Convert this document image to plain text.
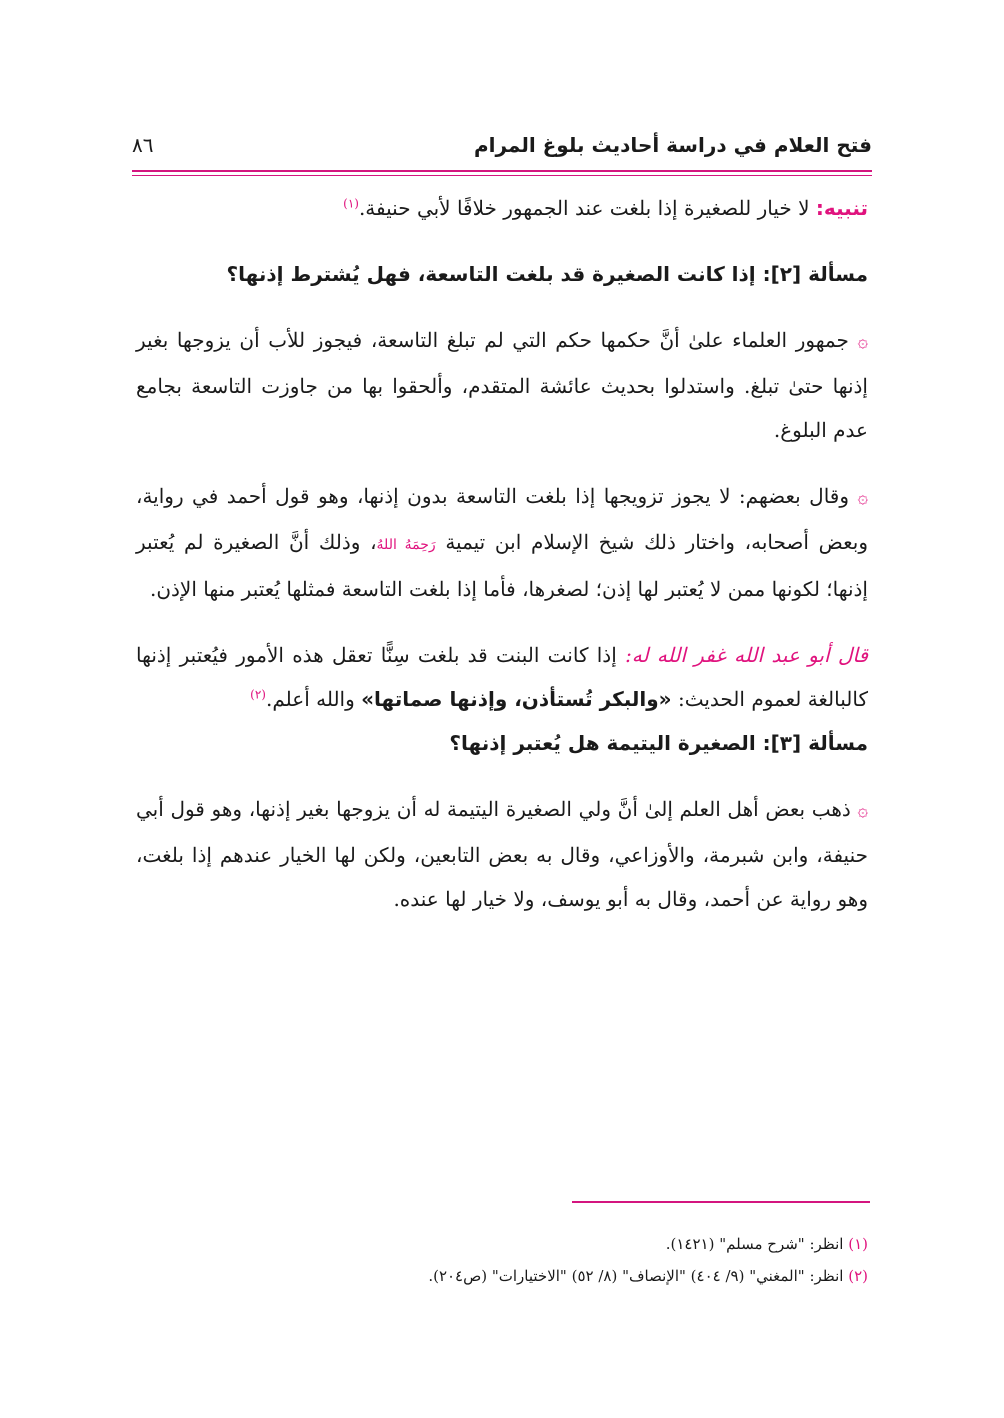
فتح العلام في دراسة أحاديث بلوغ المرام
٨٦

تنبيه: لا خيار للصغيرة إذا بلغت عند الجمهور خلافًا لأبي حنيفة.$^{(١)}$

مسألة [٢]: إذا كانت الصغيرة قد بلغت التاسعة، فهل يُشترط إذنها؟

۞ جمهور العلماء علىٰ أنَّ حكمها حكم التي لم تبلغ التاسعة، فيجوز للأب أن يزوجها بغير إذنها حتىٰ تبلغ. واستدلوا بحديث عائشة المتقدم، وألحقوا بها من جاوزت التاسعة بجامع عدم البلوغ.

۞ وقال بعضهم: لا يجوز تزويجها إذا بلغت التاسعة بدون إذنها، وهو قول أحمد في رواية، وبعض أصحابه، واختار ذلك شيخ الإسلام ابن تيمية رَحِمَهُ اللهُ، وذلك أنَّ الصغيرة لم يُعتبر إذنها؛ لكونها ممن لا يُعتبر لها إذن؛ لصغرها، فأما إذا بلغت التاسعة فمثلها يُعتبر منها الإذن.

قال أبو عبد الله غفر الله له: إذا كانت البنت قد بلغت سِنًّا تعقل هذه الأمور فيُعتبر إذنها كالبالغة لعموم الحديث: «والبكر تُستأذن، وإذنها صماتها» والله أعلم.$^{(٢)}$

مسألة [٣]: الصغيرة اليتيمة هل يُعتبر إذنها؟

۞ ذهب بعض أهل العلم إلىٰ أنَّ ولي الصغيرة اليتيمة له أن يزوجها بغير إذنها، وهو قول أبي حنيفة، وابن شبرمة، والأوزاعي، وقال به بعض التابعين، ولكن لها الخيار عندهم إذا بلغت، وهو رواية عن أحمد، وقال به أبو يوسف، ولا خيار لها عنده.

(١) انظر: "شرح مسلم" (١٤٢١).

(٢) انظر: "المغني" (٩/ ٤٠٤) "الإنصاف" (٨/ ٥٢) "الاختيارات" (ص٢٠٤).
